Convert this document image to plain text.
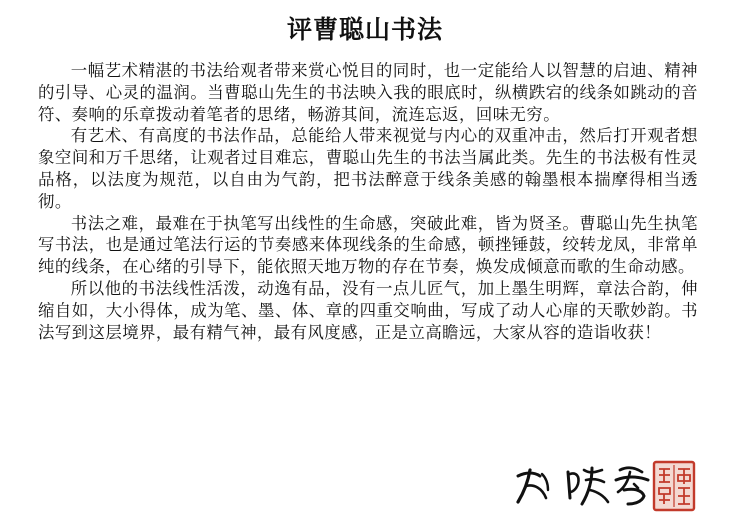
评曹聪山书法

一幅艺术精湛的书法给观者带来赏心悦目的同时，也一定能给人以智慧的启迪、精神的引导、心灵的温润。当曹聪山先生的书法映入我的眼底时，纵横跌宕的线条如跳动的音符、奏响的乐章拨动着笔者的思绪，畅游其间，流连忘返，回味无穷。

有艺术、有高度的书法作品，总能给人带来视觉与内心的双重冲击，然后打开观者想象空间和万千思绪，让观者过目难忘，曹聪山先生的书法当属此类。先生的书法极有性灵品格，以法度为规范，以自由为气韵，把书法醉意于线条美感的翰墨根本揣摩得相当透彻。

书法之难，最难在于执笔写出线性的生命感，突破此难，皆为贤圣。曹聪山先生执笔写书法，也是通过笔法行运的节奏感来体现线条的生命感，顿挫锤鼓，绞转龙凤，非常单纯的线条，在心绪的引导下，能依照天地万物的存在节奏，焕发成倾意而歌的生命动感。

所以他的书法线性活泼，动逸有品，没有一点儿匠气，加上墨生明辉，章法合韵，伸缩自如，大小得体，成为笔、墨、体、章的四重交响曲，写成了动人心扉的天歌妙韵。书法写到这层境界，最有精气神，最有风度感，正是立高瞻远，大家从容的造诣收获！
